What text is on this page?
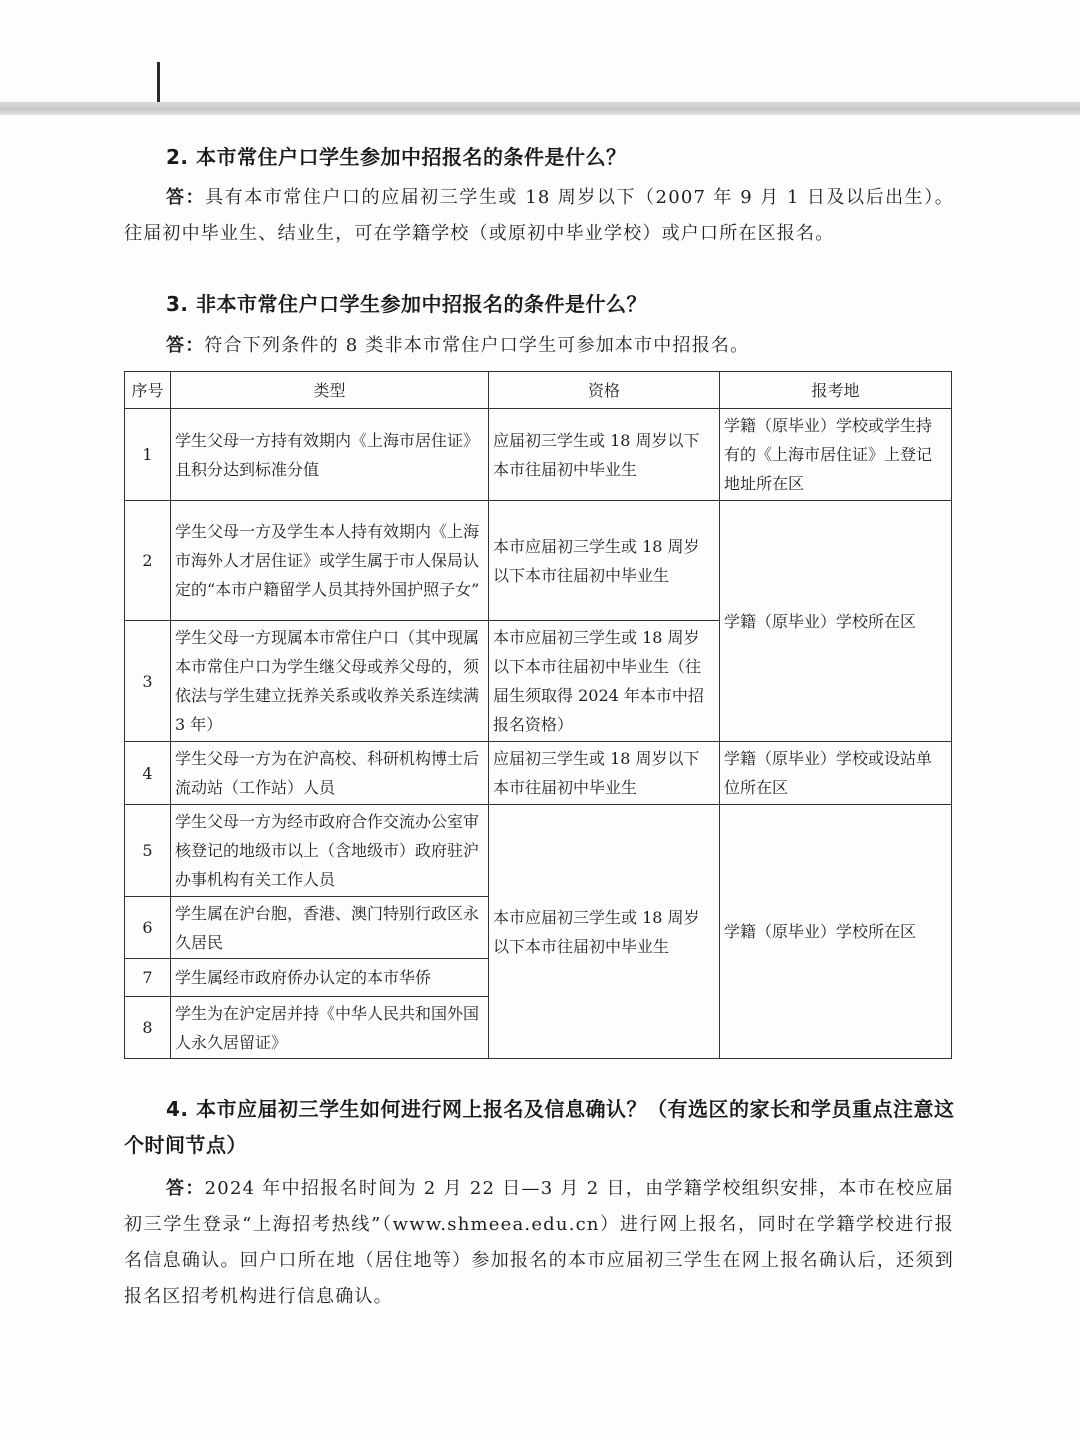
2. 本市常住户口学生参加中招报名的条件是什么？
答：具有本市常住户口的应届初三学生或 18 周岁以下（2007 年 9 月 1 日及以后出生）。往届初中毕业生、结业生，可在学籍学校（或原初中毕业学校）或户口所在区报名。
3. 非本市常住户口学生参加中招报名的条件是什么？
答：符合下列条件的 8 类非本市常住户口学生可参加本市中招报名。
序号	类型	资格	报考地
1	学生父母一方持有效期内《上海市居住证》且积分达到标准分值	应届初三学生或 18 周岁以下本市往届初中毕业生	学籍（原毕业）学校或学生持有的《上海市居住证》上登记地址所在区
2	学生父母一方及学生本人持有效期内《上海市海外人才居住证》或学生属于市人保局认定的“本市户籍留学人员其持外国护照子女”	本市应届初三学生或 18 周岁以下本市往届初中毕业生	学籍（原毕业）学校所在区
3	学生父母一方现属本市常住户口（其中现属本市常住户口为学生继父母或养父母的，须依法与学生建立抚养关系或收养关系连续满 3 年）	本市应届初三学生或 18 周岁以下本市往届初中毕业生（往届生须取得 2024 年本市中招报名资格）	
4	学生父母一方为在沪高校、科研机构博士后流动站（工作站）人员	应届初三学生或 18 周岁以下本市往届初中毕业生	学籍（原毕业）学校或设站单位所在区
5	学生父母一方为经市政府合作交流办公室审核登记的地级市以上（含地级市）政府驻沪办事机构有关工作人员	本市应届初三学生或 18 周岁以下本市往届初中毕业生	学籍（原毕业）学校所在区
6	学生属在沪台胞，香港、澳门特别行政区永久居民		
7	学生属经市政府侨办认定的本市华侨		
8	学生为在沪定居并持《中华人民共和国外国人永久居留证》		
4. 本市应届初三学生如何进行网上报名及信息确认？（有选区的家长和学员重点注意这个时间节点）
答：2024 年中招报名时间为 2 月 22 日—3 月 2 日，由学籍学校组织安排，本市在校应届初三学生登录“上海招考热线”（www.shmeea.edu.cn）进行网上报名，同时在学籍学校进行报名信息确认。回户口所在地（居住地等）参加报名的本市应届初三学生在网上报名确认后，还须到报名区招考机构进行信息确认。
